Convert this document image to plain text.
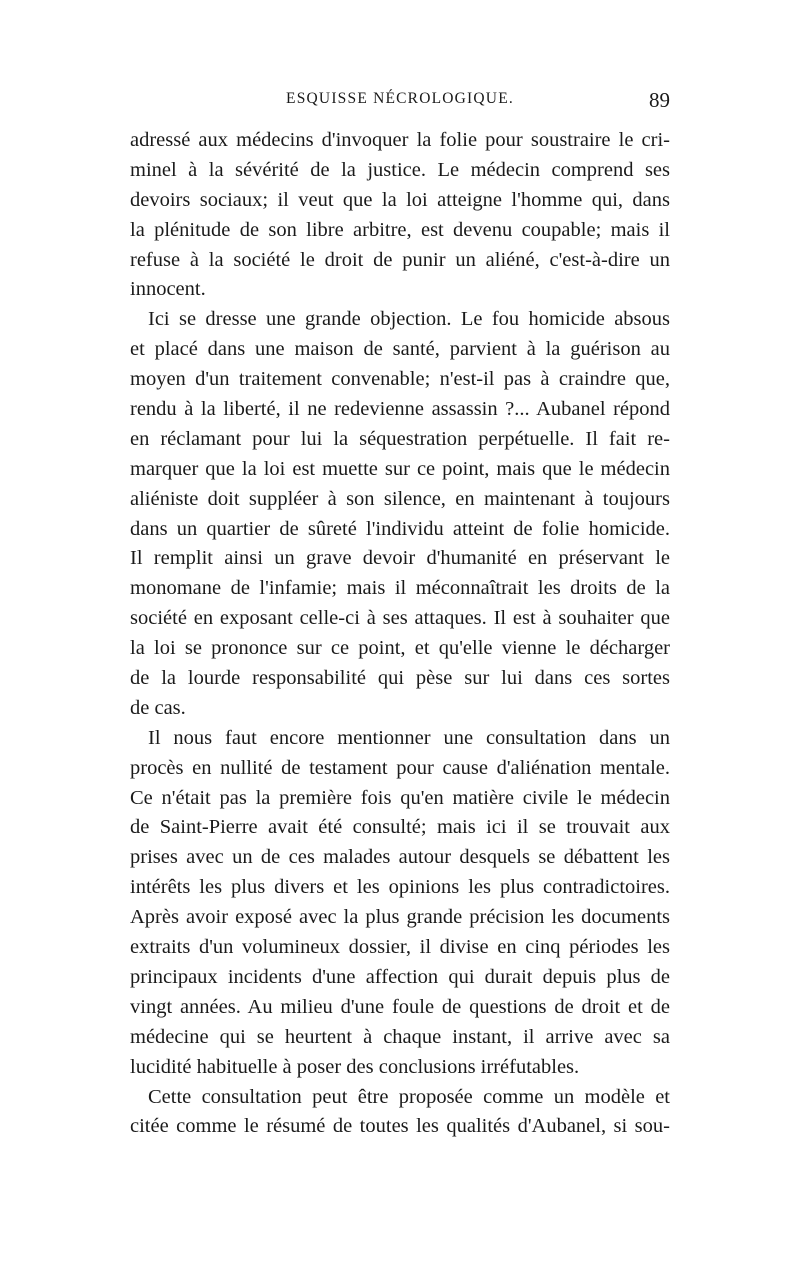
ESQUISSE NÉCROLOGIQUE.	89
adressé aux médecins d'invoquer la folie pour soustraire le cri-
minel à la sévérité de la justice. Le médecin comprend ses
devoirs sociaux; il veut que la loi atteigne l'homme qui, dans
la plénitude de son libre arbitre, est devenu coupable; mais il
refuse à la société le droit de punir un aliéné, c'est-à-dire un
innocent.
Ici se dresse une grande objection. Le fou homicide absous
et placé dans une maison de santé, parvient à la guérison au
moyen d'un traitement convenable; n'est-il pas à craindre que,
rendu à la liberté, il ne redevienne assassin ?... Aubanel répond
en réclamant pour lui la séquestration perpétuelle. Il fait re-
marquer que la loi est muette sur ce point, mais que le médecin
aliéniste doit suppléer à son silence, en maintenant à toujours
dans un quartier de sûreté l'individu atteint de folie homicide.
Il remplit ainsi un grave devoir d'humanité en préservant le
monomane de l'infamie; mais il méconnaîtrait les droits de la
société en exposant celle-ci à ses attaques. Il est à souhaiter que
la loi se prononce sur ce point, et qu'elle vienne le décharger
de la lourde responsabilité qui pèse sur lui dans ces sortes
de cas.
Il nous faut encore mentionner une consultation dans un
procès en nullité de testament pour cause d'aliénation mentale.
Ce n'était pas la première fois qu'en matière civile le médecin
de Saint-Pierre avait été consulté; mais ici il se trouvait aux
prises avec un de ces malades autour desquels se débattent les
intérêts les plus divers et les opinions les plus contradictoires.
Après avoir exposé avec la plus grande précision les documents
extraits d'un volumineux dossier, il divise en cinq périodes les
principaux incidents d'une affection qui durait depuis plus de
vingt années. Au milieu d'une foule de questions de droit et de
médecine qui se heurtent à chaque instant, il arrive avec sa
lucidité habituelle à poser des conclusions irréfutables.
Cette consultation peut être proposée comme un modèle et
citée comme le résumé de toutes les qualités d'Aubanel, si sou-
